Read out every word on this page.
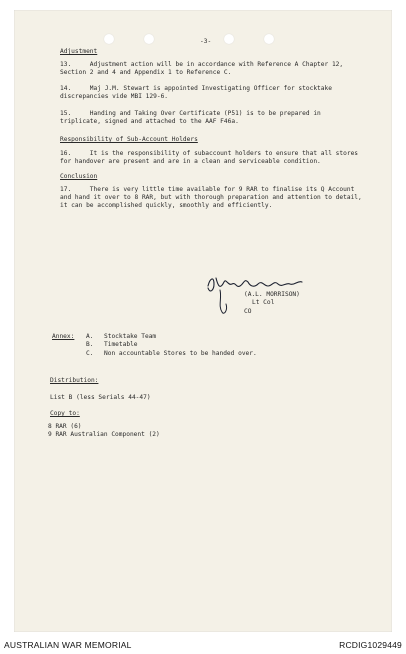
-3-
Adjustment
13.     Adjustment action will be in accordance with Reference A Chapter 12,
Section 2 and 4 and Appendix 1 to Reference C.
14.     Maj J.M. Stewart is appointed Investigating Officer for stocktake
discrepancies vide MBI 129-6.
15.     Handing and Taking Over Certificate (P51) is to be prepared in
triplicate, signed and attached to the AAF F46a.
Responsibility of Sub-Account Holders
16.     It is the responsibility of subaccount holders to ensure that all stores
for handover are present and are in a clean and serviceable condition.
Conclusion
17.     There is very little time available for 9 RAR to finalise its Q Account
and hand it over to 8 RAR, but with thorough preparation and attention to detail,
it can be accomplished quickly, smoothly and efficiently.
(A.L. MORRISON)
Lt Col
CO
Annex: A. Stocktake Team
B. Timetable
C. Non accountable Stores to be handed over.
Distribution:
List B (less Serials 44-47)
Copy to:
8 RAR (6)
9 RAR Australian Component (2)
AUSTRALIAN WAR MEMORIAL	RCDIG1029449
